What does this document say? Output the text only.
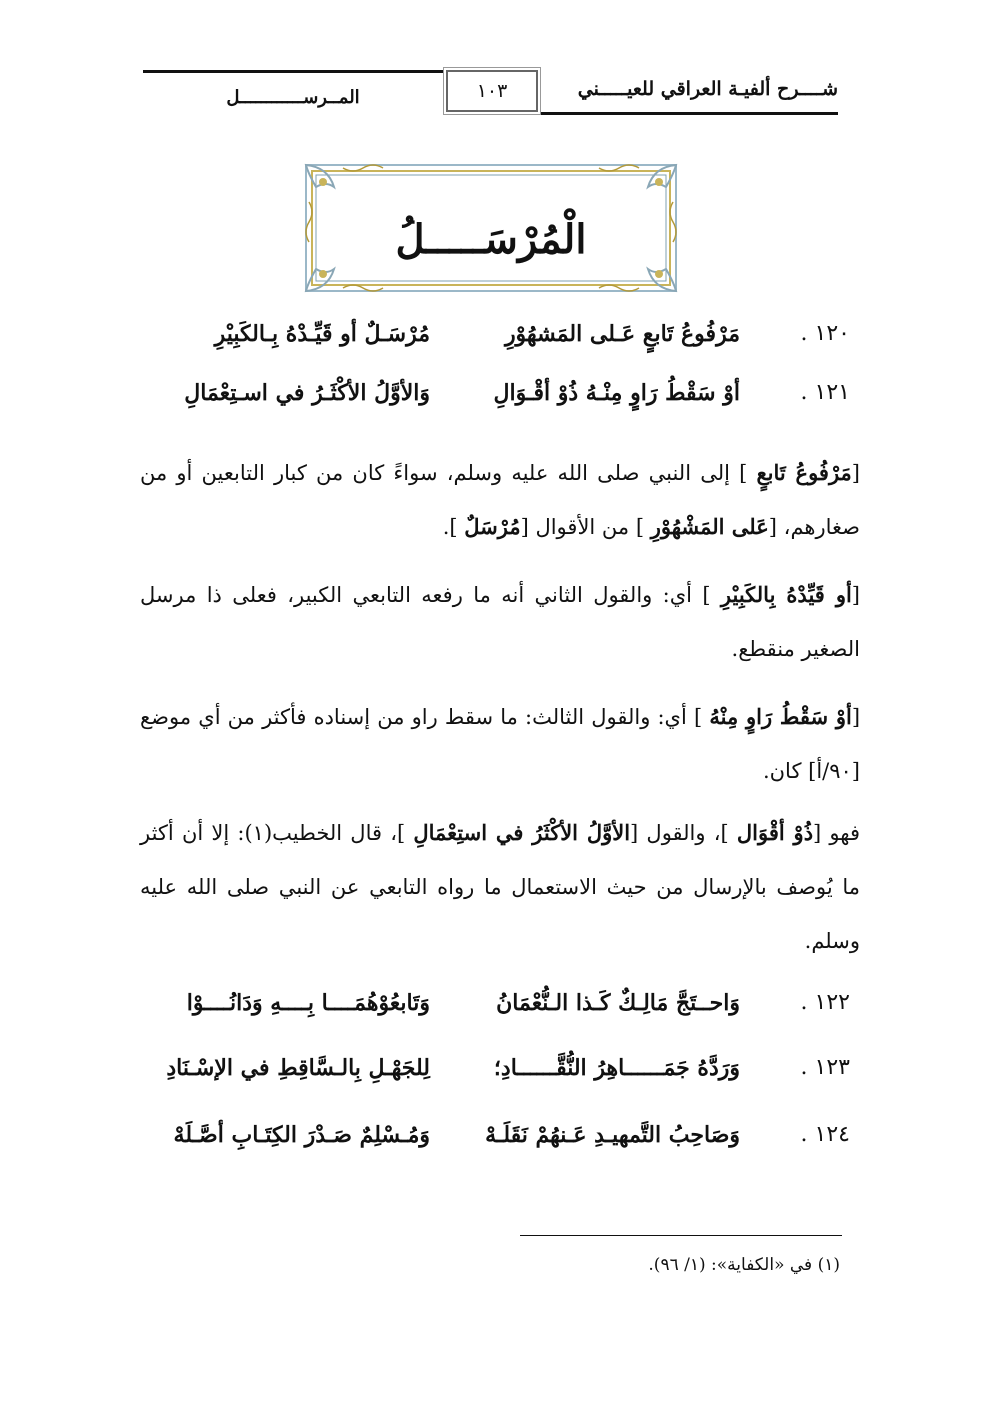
شــــرح ألفيـة العراقي للعيـــــني
١٠٣
المــرســــــــــــل
الْمُرْسَـــــلُ
١٢٠ .
مَرْفُوعُ تَابعٍ عَـلى المَشهُوْرِ
مُرْسَـلٌ أو قَيِّـدْهُ بِـالكَبِيْرِ
١٢١ .
أوْ سَقْطُ رَاوٍ مِنْـهُ ذُوْ أقْـوَالِ
وَالأوَّلُ الأكْثَـرُ في اسـتِعْمَالِ
[مَرْفُوعُ تَابعٍ ] إلى النبي صلى الله عليه وسلم، سواءً كان من كبار التابعين أو من صغارهم، [عَلى المَشْهُوْرِ ] من الأقوال [مُرْسَلٌ ].
[أو قَيِّدْهُ بِالكَبِيْرِ ] أي: والقول الثاني أنه ما رفعه التابعي الكبير، فعلى ذا مرسل الصغير منقطع.
[أوْ سَقْطُ رَاوٍ مِنْهُ ] أي: والقول الثالث: ما سقط راو من إسناده فأكثر من أي موضع [٩٠/أ] كان.
فهو [ذُوْ أقْوَال ]، والقول [الأوَّلُ الأكْثَرُ في استِعْمَالِ ]، قال الخطيب(١): إلا أن أكثر ما يُوصف بالإرسال من حيث الاستعمال ما رواه التابعي عن النبي صلى الله عليه وسلم.
١٢٢ .
وَاحــتَجَّ مَالِـكٌ كَـذا الـنُّعْمَانُ
وَتَابعُوْهُمَــــا بِــــهِ وَدَانُــــوْا
١٢٣ .
وَرَدَّهُ جَمَــــــاهِرُ النُّقَّــــــادِ؛
لِلجَهْـلِ بِالـسَّاقِطِ في الإسْـنَادِ
١٢٤ .
وَصَاحِبُ التَّمهيـدِ عَـنهُمْ نَقَلَـهْ
وَمُـسْلِمٌ صَـدْرَ الكِتَـابِ أصَّـلَهْ
(١) في «الكفاية»: (١/ ٩٦).
